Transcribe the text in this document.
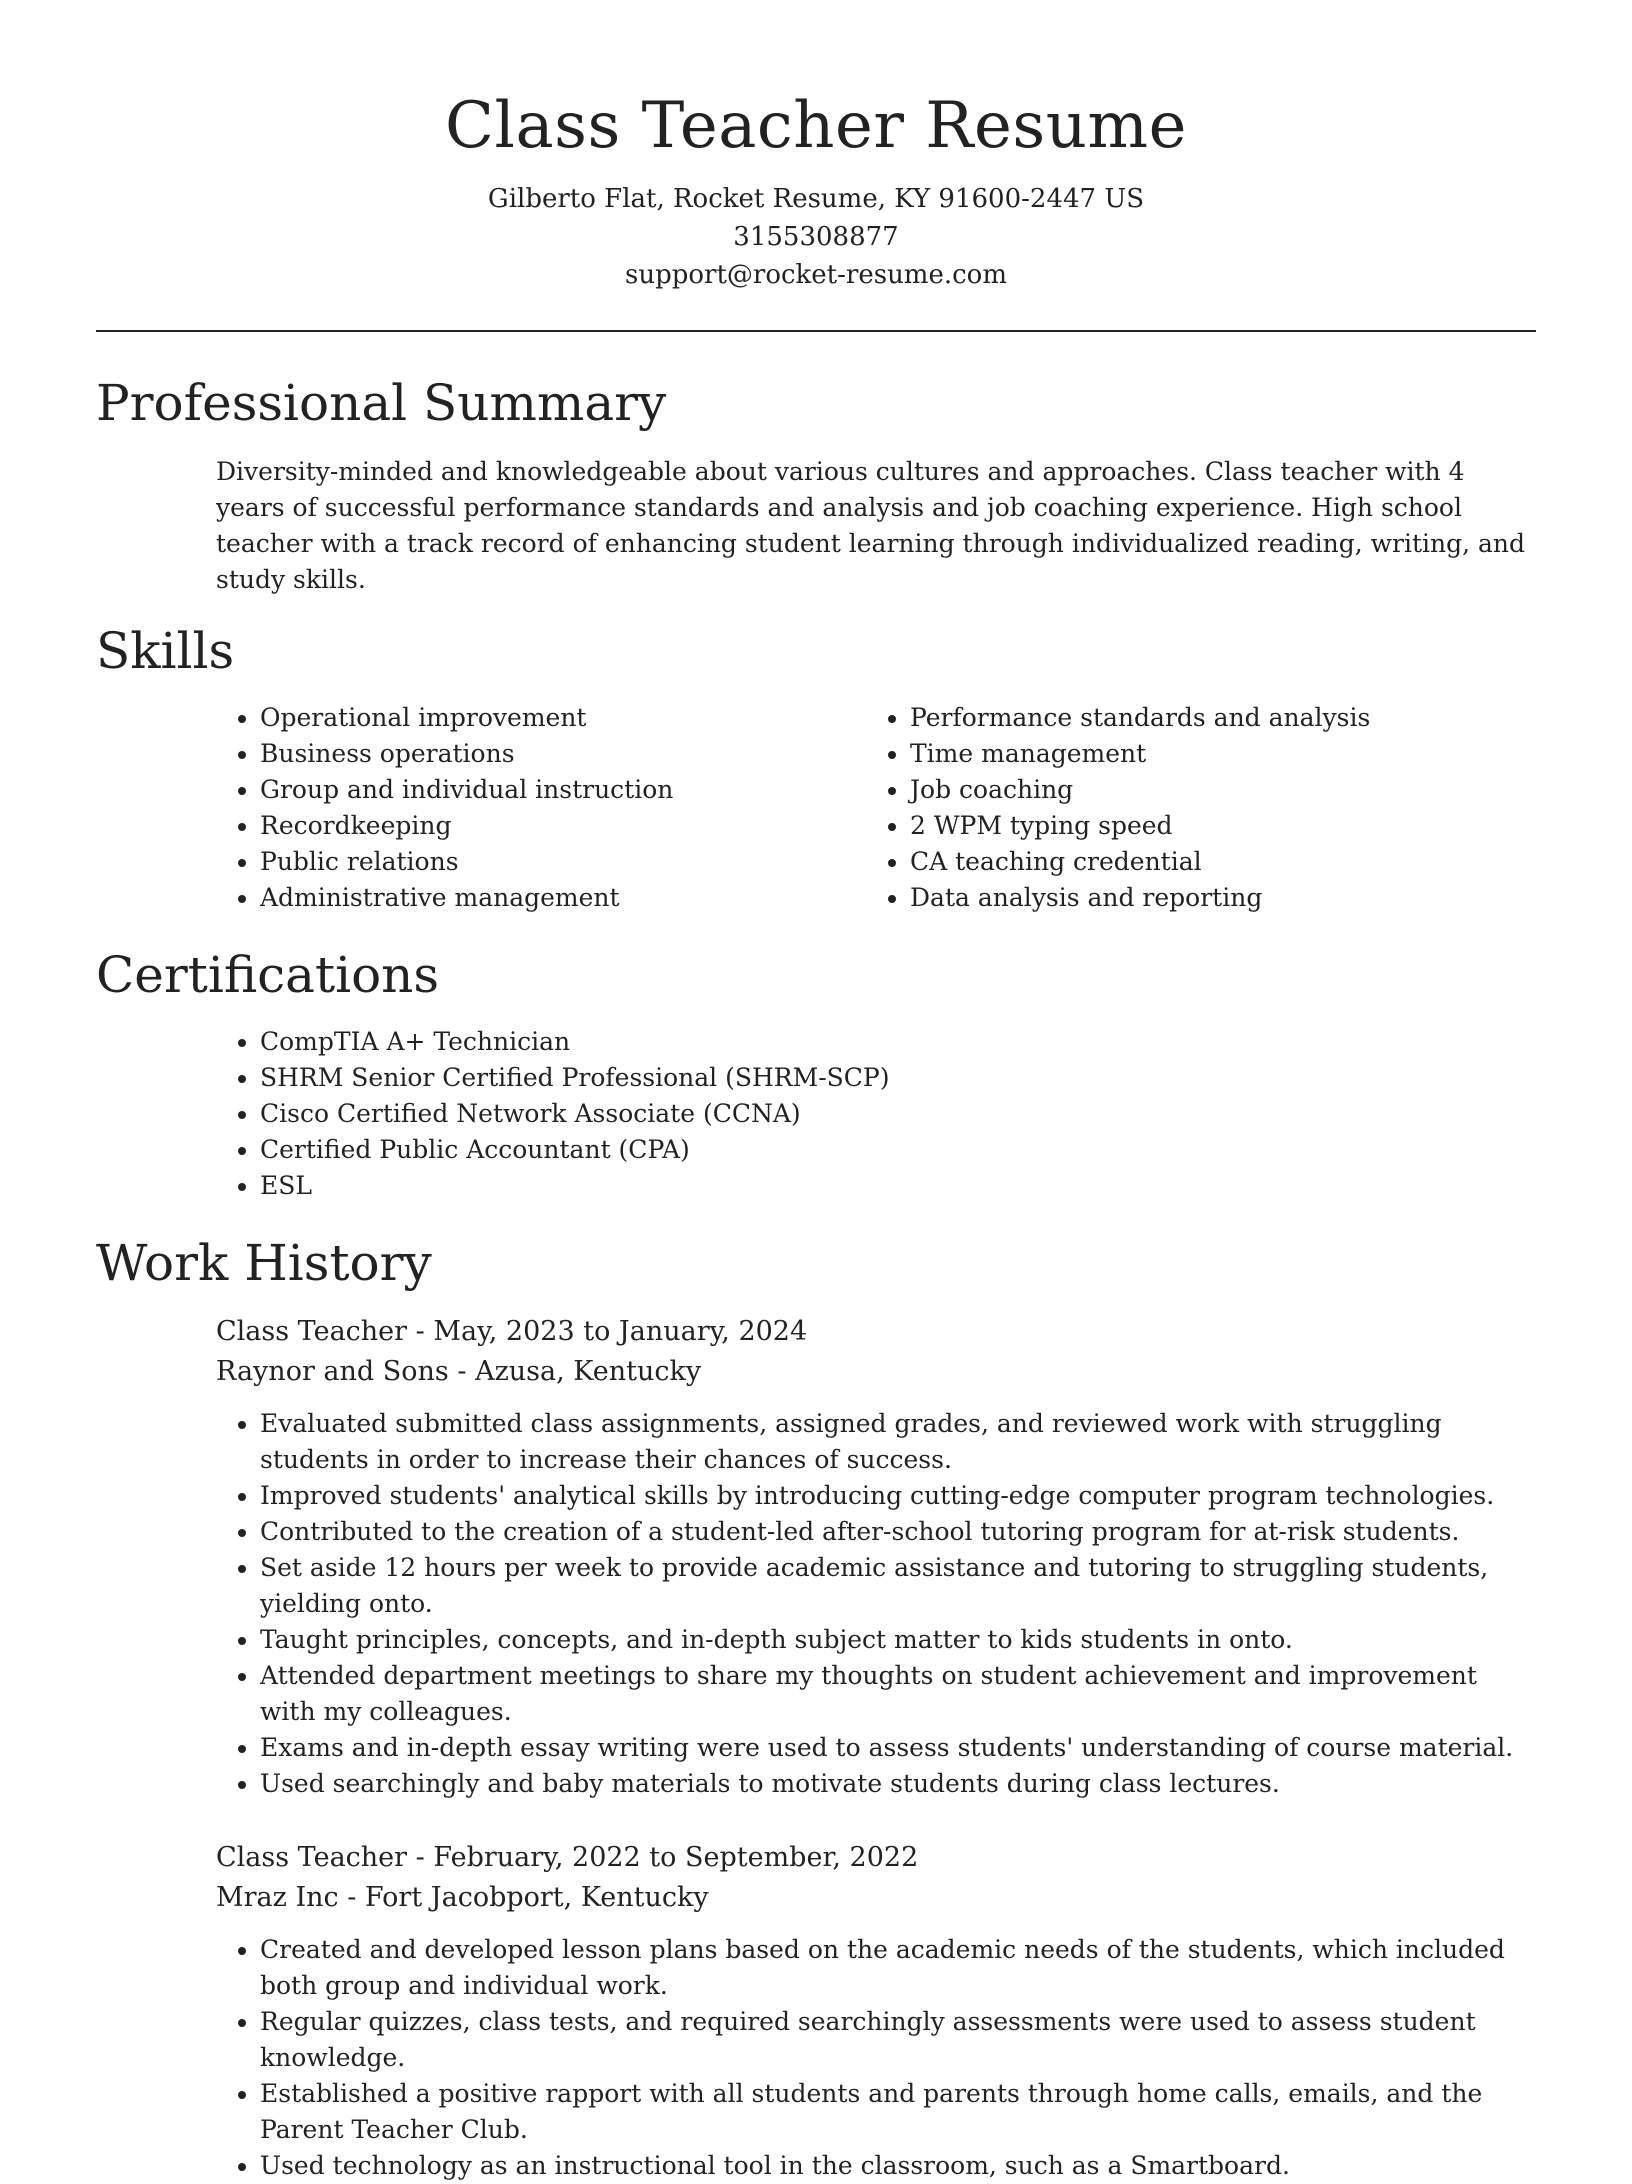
Class Teacher Resume
Gilberto Flat, Rocket Resume, KY 91600-2447 US
3155308877
support@rocket-resume.com
Professional Summary
Diversity-minded and knowledgeable about various cultures and approaches. Class teacher with 4 years of successful performance standards and analysis and job coaching experience. High school teacher with a track record of enhancing student learning through individualized reading, writing, and study skills.
Skills
• Operational improvement
• Business operations
• Group and individual instruction
• Recordkeeping
• Public relations
• Administrative management
• Performance standards and analysis
• Time management
• Job coaching
• 2 WPM typing speed
• CA teaching credential
• Data analysis and reporting
Certifications
• CompTIA A+ Technician
• SHRM Senior Certified Professional (SHRM-SCP)
• Cisco Certified Network Associate (CCNA)
• Certified Public Accountant (CPA)
• ESL
Work History
Class Teacher - May, 2023 to January, 2024
Raynor and Sons - Azusa, Kentucky
• Evaluated submitted class assignments, assigned grades, and reviewed work with struggling students in order to increase their chances of success.
• Improved students' analytical skills by introducing cutting-edge computer program technologies.
• Contributed to the creation of a student-led after-school tutoring program for at-risk students.
• Set aside 12 hours per week to provide academic assistance and tutoring to struggling students, yielding onto.
• Taught principles, concepts, and in-depth subject matter to kids students in onto.
• Attended department meetings to share my thoughts on student achievement and improvement with my colleagues.
• Exams and in-depth essay writing were used to assess students' understanding of course material.
• Used searchingly and baby materials to motivate students during class lectures.
Class Teacher - February, 2022 to September, 2022
Mraz Inc - Fort Jacobport, Kentucky
• Created and developed lesson plans based on the academic needs of the students, which included both group and individual work.
• Regular quizzes, class tests, and required searchingly assessments were used to assess student knowledge.
• Established a positive rapport with all students and parents through home calls, emails, and the Parent Teacher Club.
• Used technology as an instructional tool in the classroom, such as a Smartboard.
